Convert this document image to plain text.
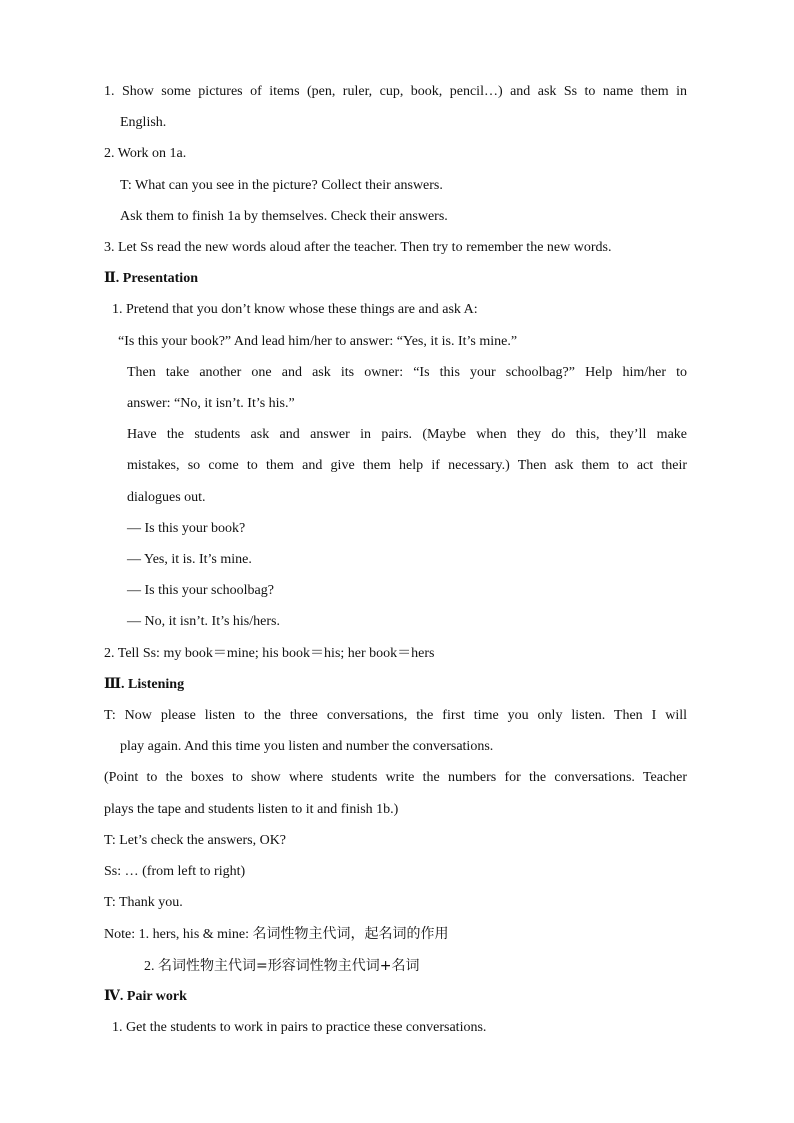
1. Show some pictures of items (pen, ruler, cup, book, pencil…) and ask Ss to name them in
English.
2. Work on 1a.
T: What can you see in the picture? Collect their answers.
Ask them to finish 1a by themselves. Check their answers.
3. Let Ss read the new words aloud after the teacher. Then try to remember the new words.
Ⅱ. Presentation
1. Pretend that you don’t know whose these things are and ask A:
“Is this your book?” And lead him/her to answer: “Yes, it is. It’s mine.”
Then take another one and ask its owner: “Is this your schoolbag?” Help him/her to
answer: “No, it isn’t. It’s his.”
Have the students ask and answer in pairs. (Maybe when they do this, they’ll make
mistakes, so come to them and give them help if necessary.) Then ask them to act their
dialogues out.
— Is this your book?
— Yes, it is. It’s mine.
— Is this your schoolbag?
— No, it isn’t. It’s his/hers.
2. Tell Ss: my book＝mine; his book＝his; her book＝hers
Ⅲ. Listening
T: Now please listen to the three conversations, the first time you only listen. Then I will
play again. And this time you listen and number the conversations.
(Point to the boxes to show where students write the numbers for the conversations. Teacher
plays the tape and students listen to it and finish 1b.)
T: Let’s check the answers, OK?
Ss: … (from left to right)
T: Thank you.
Note: 1. hers, his & mine: 名词性物主代词，起名词的作用
2. 名词性物主代词=形容词性物主代词+名词
Ⅳ. Pair work
1. Get the students to work in pairs to practice these conversations.
